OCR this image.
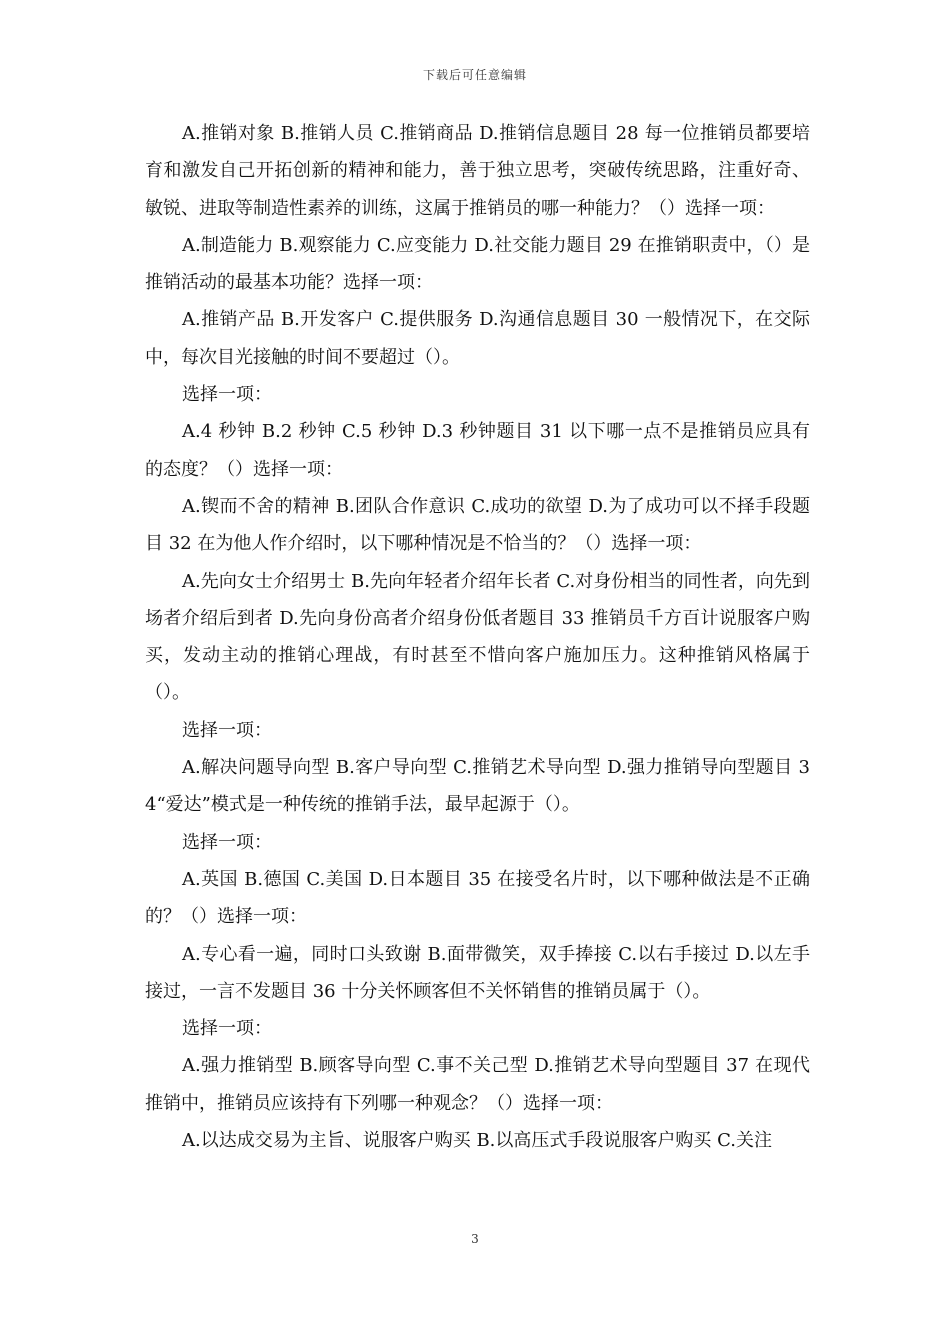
下载后可任意编辑

A.推销对象 B.推销人员 C.推销商品 D.推销信息题目 28 每一位推销员都要培育和激发自己开拓创新的精神和能力，善于独立思考，突破传统思路，注重好奇、敏锐、进取等制造性素养的训练，这属于推销员的哪一种能力？（）选择一项：

A.制造能力 B.观察能力 C.应变能力 D.社交能力题目 29 在推销职责中，（）是推销活动的最基本功能？选择一项：

A.推销产品 B.开发客户 C.提供服务 D.沟通信息题目 30 一般情况下，在交际中，每次目光接触的时间不要超过（）。

选择一项：

A.4 秒钟 B.2 秒钟 C.5 秒钟 D.3 秒钟题目 31 以下哪一点不是推销员应具有的态度？（）选择一项：

A.锲而不舍的精神 B.团队合作意识 C.成功的欲望 D.为了成功可以不择手段题目 32 在为他人作介绍时，以下哪种情况是不恰当的？（）选择一项：

A.先向女士介绍男士 B.先向年轻者介绍年长者 C.对身份相当的同性者，向先到场者介绍后到者 D.先向身份高者介绍身份低者题目 33 推销员千方百计说服客户购买，发动主动的推销心理战，有时甚至不惜向客户施加压力。这种推销风格属于（）。

选择一项：

A.解决问题导向型 B.客户导向型 C.推销艺术导向型 D.强力推销导向型题目 34“爱达”模式是一种传统的推销手法，最早起源于（）。

选择一项：

A.英国 B.德国 C.美国 D.日本题目 35 在接受名片时，以下哪种做法是不正确的？（）选择一项：

A.专心看一遍，同时口头致谢 B.面带微笑，双手捧接 C.以右手接过 D.以左手接过，一言不发题目 36 十分关怀顾客但不关怀销售的推销员属于（）。

选择一项：

A.强力推销型 B.顾客导向型 C.事不关己型 D.推销艺术导向型题目 37 在现代推销中，推销员应该持有下列哪一种观念？（）选择一项：

A.以达成交易为主旨、说服客户购买 B.以高压式手段说服客户购买 C.关注

3
